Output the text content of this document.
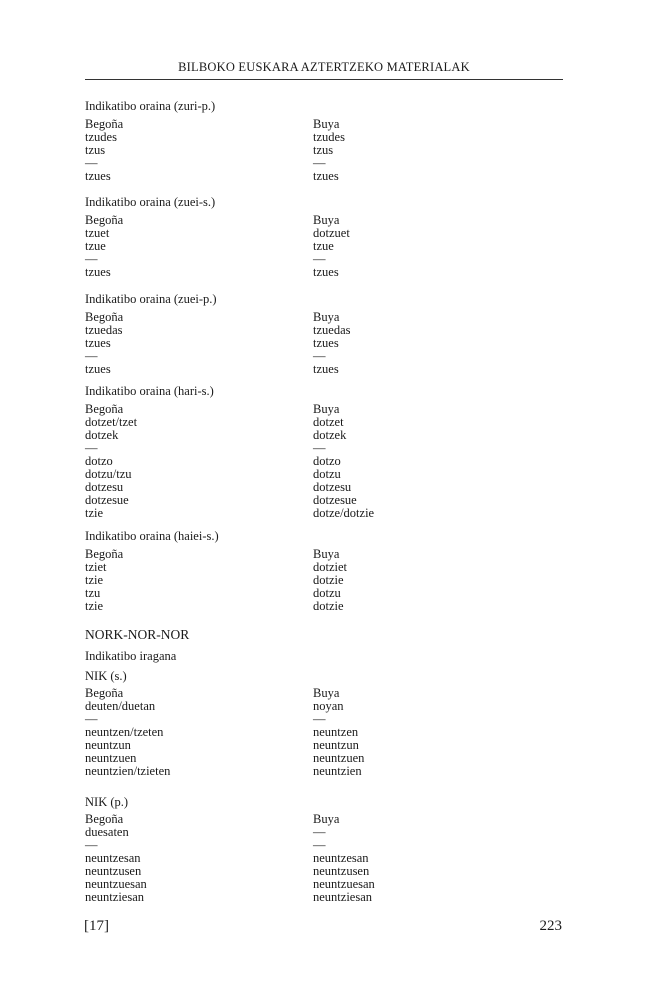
BILBOKO EUSKARA AZTERTZEKO MATERIALAK
Indikatibo oraina (zuri-p.)
Begoña
tzudes
tzus
—
tzues
Buya
tzudes
tzus
—
tzues
Indikatibo oraina (zuei-s.)
Begoña
tzuet
tzue
—
tzues
Buya
dotzuet
tzue
—
tzues
Indikatibo oraina (zuei-p.)
Begoña
tzuedas
tzues
—
tzues
Buya
tzuedas
tzues
—
tzues
Indikatibo oraina (hari-s.)
Begoña
dotzet/tzet
dotzek
—
dotzo
dotzu/tzu
dotzesu
dotzesue
tzie
Buya
dotzet
dotzek
—
dotzo
dotzu
dotzesu
dotzesue
dotze/dotzie
Indikatibo oraina (haiei-s.)
Begoña
tziet
tzie
tzu
tzie
Buya
dotziet
dotzie
dotzu
dotzie
NORK-NOR-NOR
Indikatibo iragana
NIK (s.)
Begoña
deuten/duetan
—
neuntzen/tzeten
neuntzun
neuntzuen
neuntzien/tzieten
Buya
noyan
—
neuntzen
neuntzun
neuntzuen
neuntzien
NIK (p.)
Begoña
duesaten
—
neuntzesan
neuntzusen
neuntzuesan
neuntziesan
Buya
—
—
neuntzesan
neuntzusen
neuntzuesan
neuntziesan
[17]	223
